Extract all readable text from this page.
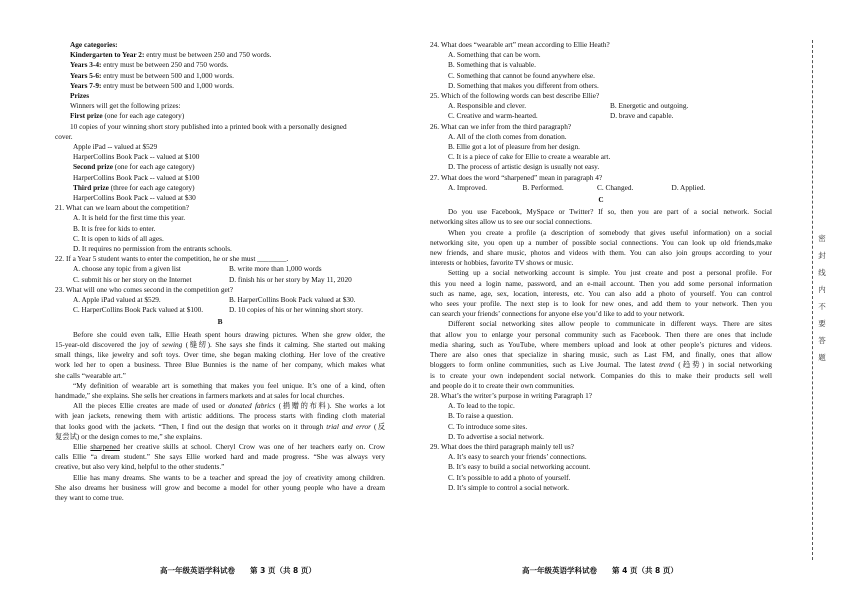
Age categories:
Kindergarten to Year 2: entry must be between 250 and 750 words.
Years 3-4: entry must be between 250 and 750 words.
Years 5-6: entry must be between 500 and 1,000 words.
Years 7-9: entry must be between 500 and 1,000 words.
Prizes
Winners will get the following prizes:
First prize (one for each age category)
10 copies of your winning short story published into a printed book with a personally designed
cover.
Apple iPad -- valued at $529
HarperCollins Book Pack -- valued at $100
Second prize (one for each age category)
HarperCollins Book Pack -- valued at $100
Third prize (three for each age category)
HarperCollins Book Pack -- valued at $30
21. What can we learn about the competition?
A. It is held for the first time this year.
B. It is free for kids to enter.
C. It is open to kids of all ages.
D. It requires no permission from the entrants schools.
22. If a Year 5 student wants to enter the competition, he or she must ________.
A. choose any topic from a given list	B. write more than 1,000 words
C. submit his or her story on the Internet	D. finish his or her story by May 11, 2020
23. What will one who comes second in the competition get?
A. Apple iPad valued at $529.	B. HarperCollins Book Pack valued at $30.
C. HarperCollins Book Pack valued at $100.	D. 10 copies of his or her winning short story.
B
Before she could even talk, Ellie Heath spent hours drawing pictures. When she grew older, the
15-year-old discovered the joy of sewing (缝纫). She says she finds it calming. She started out making
small things, like jewelry and soft toys. Over time, she began making clothing. Her love of the creative
work led her to open a business. Three Blue Bunnies is the name of her company, which makes what
she calls “wearable art.”
“My definition of wearable art is something that makes you feel unique. It’s one of a kind, often
handmade,” she explains. She sells her creations in farmers markets and at sales for local churches.
All the pieces Ellie creates are made of used or donated fabrics (捐赠的布料). She works a lot
with jean jackets, renewing them with artistic additions. The process starts with finding cloth material
that looks good with the jackets. “Then, I find out the design that works on it through trial and error (反
复尝试) or the design comes to me,” she explains.
Ellie sharpened her creative skills at school. Cheryl Crow was one of her teachers early on. Crow
calls Ellie “a dream student.” She says Ellie worked hard and made progress. “She was always very
creative, but also very kind, helpful to the other students.”
Ellie has many dreams. She wants to be a teacher and spread the joy of creativity among children.
She also dreams her business will grow and become a model for other young people who have a dream
they want to come true.
24. What does “wearable art” mean according to Ellie Heath?
A. Something that can be worn.
B. Something that is valuable.
C. Something that cannot be found anywhere else.
D. Something that makes you different from others.
25. Which of the following words can best describe Ellie?
A. Responsible and clever.	B. Energetic and outgoing.
C. Creative and warm-hearted.	D. brave and capable.
26. What can we infer from the third paragraph?
A. All of the cloth comes from donation.
B. Ellie got a lot of pleasure from her design.
C. It is a piece of cake for Ellie to create a wearable art.
D. The process of artistic design is usually not easy.
27. What does the word “sharpened” mean in paragraph 4?
A. Improved.	B. Performed.	C. Changed.	D. Applied.
C
Do you use Facebook, MySpace or Twitter? If so, then you are part of a social network. Social
networking sites allow us to see our social connections.
When you create a profile (a description of somebody that gives useful information) on a social
networking site, you open up a number of possible social connections. You can look up old friends,make
new friends, and share music, photos and videos with them. You can also join groups according to your
interests or hobbies, favorite TV shows or music.
Setting up a social networking account is simple. You just create and post a personal profile. For
this you need a login name, password, and an e-mail account. Then you add some personal information
such as name, age, sex, location, interests, etc. You can also add a photo of yourself. You can control
who sees your profile. The next step is to look for new ones, and add them to your network. Then you
can search your friends’ connections for anyone else you’d like to add to your network.
Different social networking sites allow people to communicate in different ways. There are sites
that allow you to enlarge your personal community such as Facebook. Then there are ones that include
media sharing, such as YouTube, where members upload and look at other people’s pictures and videos.
There are also ones that specialize in sharing music, such as Last FM, and finally, ones that allow
bloggers to form online communities, such as Live Journal. The latest trend (趋势) in social networking
is to create your own independent social network. Companies do this to make their products sell well
and people do it to create their own communities.
28. What’s the writer’s purpose in writing Paragraph 1?
A. To lead to the topic.
B. To raise a question.
C. To introduce some sites.
D. To advertise a social network.
29. What does the third paragraph mainly tell us?
A. It’s easy to search your friends’ connections.
B. It’s easy to build a social networking account.
C. It’s possible to add a photo of yourself.
D. It’s simple to control a social network.
高一年级英语学科试卷　　第 3 页（共 8 页）	高一年级英语学科试卷　　第 4 页（共 8 页）
密
封
线
内
不
要
答
题
